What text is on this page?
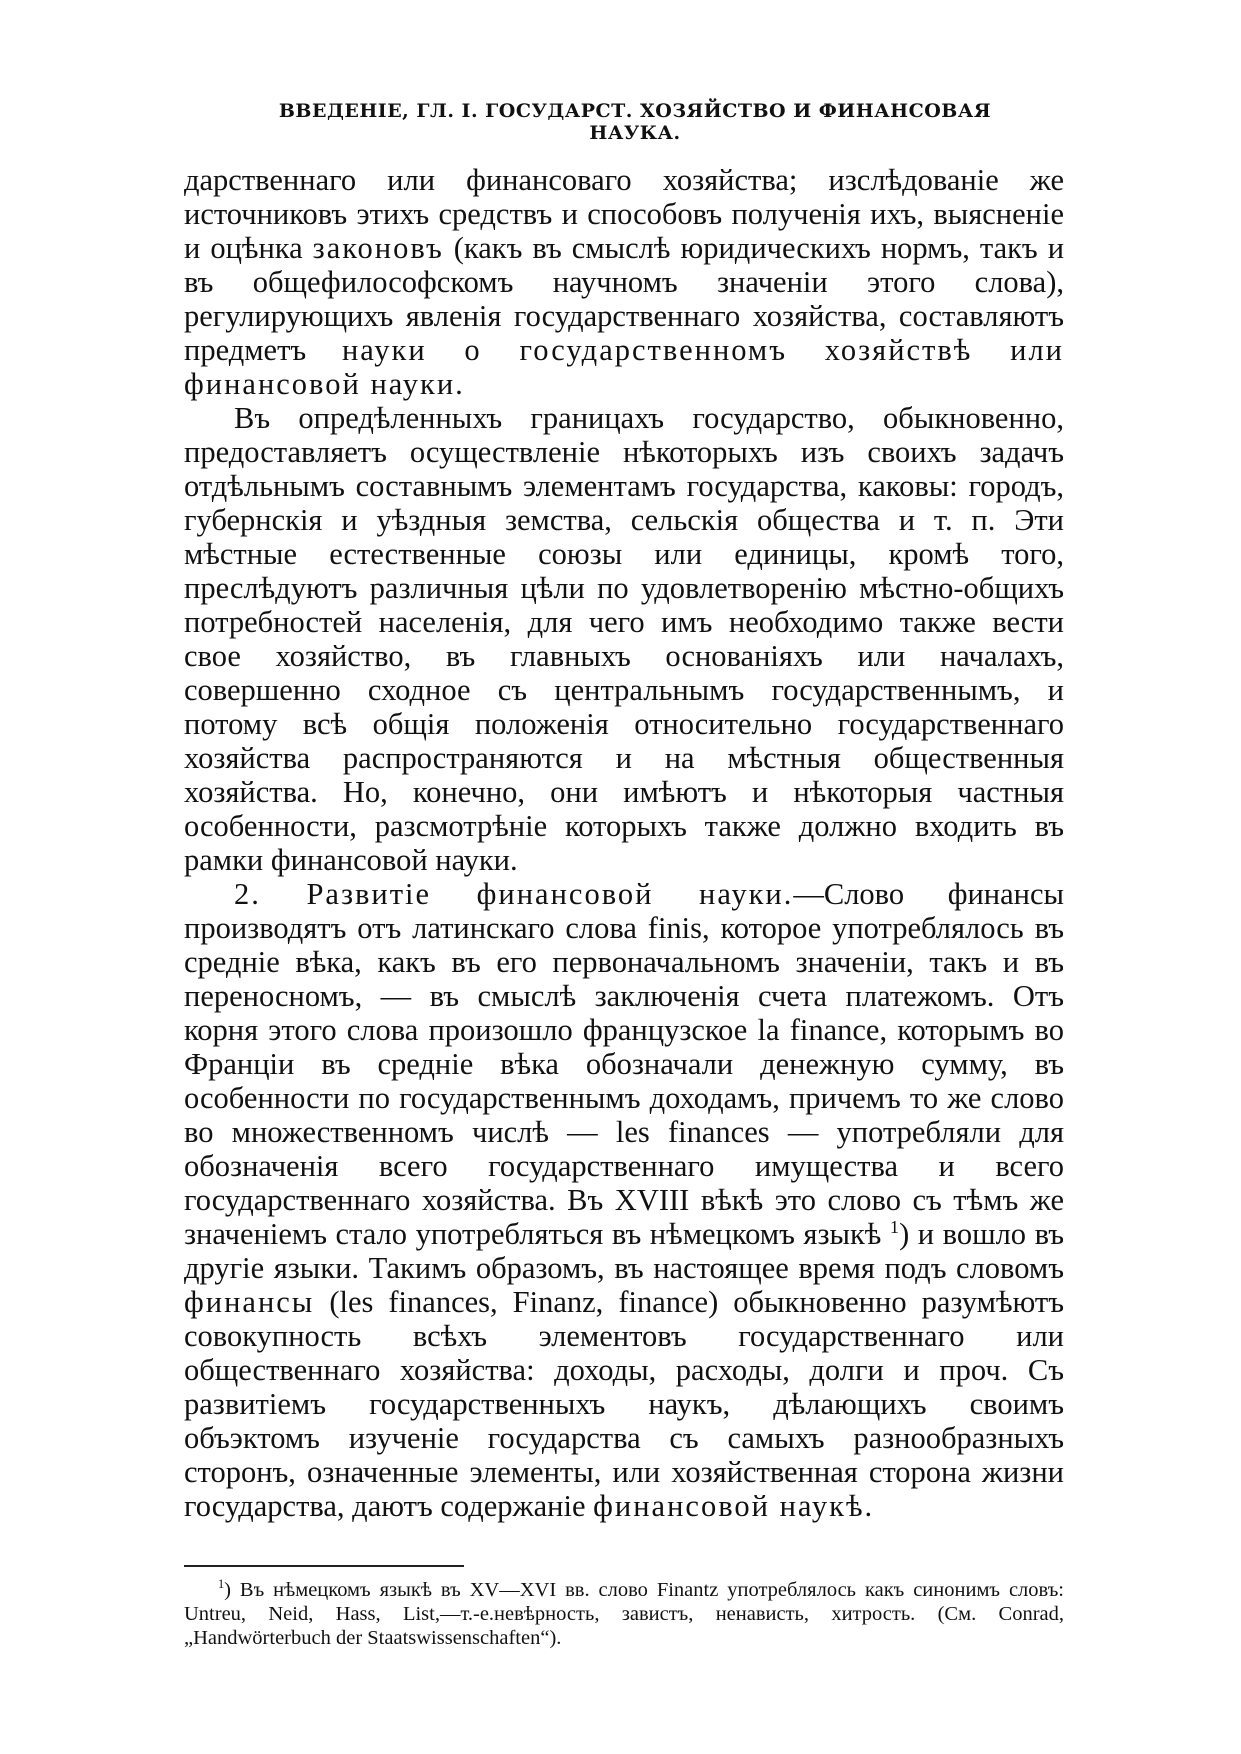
ВВЕДЕНІЕ, ГЛ. I. ГОСУДАРСТ. ХОЗЯЙСТВО И ФИНАНСОВАЯ НАУКА.

дарственнаго или финансоваго хозяйства; изслѣдованіе же источниковъ этихъ средствъ и способовъ полученія ихъ, выясненіе и оцѣнка законовъ (какъ въ смыслѣ юридическихъ нормъ, такъ и въ общефилософскомъ научномъ значеніи этого слова), регулирующихъ явленія государственнаго хозяйства, составляютъ предметъ науки о государственномъ хозяйствѣ или финансовой науки.

Въ опредѣленныхъ границахъ государство, обыкновенно, предоставляетъ осуществленіе нѣкоторыхъ изъ своихъ задачъ отдѣльнымъ составнымъ элементамъ государства, каковы: городъ, губернскія и уѣздныя земства, сельскія общества и т. п. Эти мѣстные естественные союзы или единицы, кромѣ того, преслѣдуютъ различныя цѣли по удовлетворенію мѣстно-общихъ потребностей населенія, для чего имъ необходимо также вести свое хозяйство, въ главныхъ основаніяхъ или началахъ, совершенно сходное съ центральнымъ государственнымъ, и потому всѣ общія положенія относительно государственнаго хозяйства распространяются и на мѣстныя общественныя хозяйства. Но, конечно, они имѣютъ и нѣкоторыя частныя особенности, разсмотрѣніе которыхъ также должно входить въ рамки финансовой науки.

2. Развитіе финансовой науки.—Слово финансы производятъ отъ латинскаго слова finis, которое употреблялось въ средніе вѣка, какъ въ его первоначальномъ значеніи, такъ и въ переносномъ, — въ смыслѣ заключенія счета платежомъ. Отъ корня этого слова произошло французское la finance, которымъ во Франціи въ средніе вѣка обозначали денежную сумму, въ особенности по государственнымъ доходамъ, причемъ то же слово во множественномъ числѣ — les finances — употребляли для обозначенія всего государственнаго имущества и всего государственнаго хозяйства. Въ XVIII вѣкѣ это слово съ тѣмъ же значеніемъ стало употребляться въ нѣмецкомъ языкѣ $^1$) и вошло въ другіе языки. Такимъ образомъ, въ настоящее время подъ словомъ финансы (les finances, Finanz, finance) обыкновенно разумѣютъ совокупность всѣхъ элементовъ государственнаго или общественнаго хозяйства: доходы, расходы, долги и проч. Съ развитіемъ государственныхъ наукъ, дѣлающихъ своимъ объэктомъ изученіе государства съ самыхъ разнообразныхъ сторонъ, означенные элементы, или хозяйственная сторона жизни государства, даютъ содержаніе финансовой наукѣ.

$^1$) Въ нѣмецкомъ языкѣ въ XV—XVI вв. слово Finantz употреблялось какъ синонимъ словъ: Untreu, Neid, Hass, List,—т.-е.невѣрность, завистъ, ненависть, хитрость. (См. Conrad, „Handwörterbuch der Staatswissenschaften“).
